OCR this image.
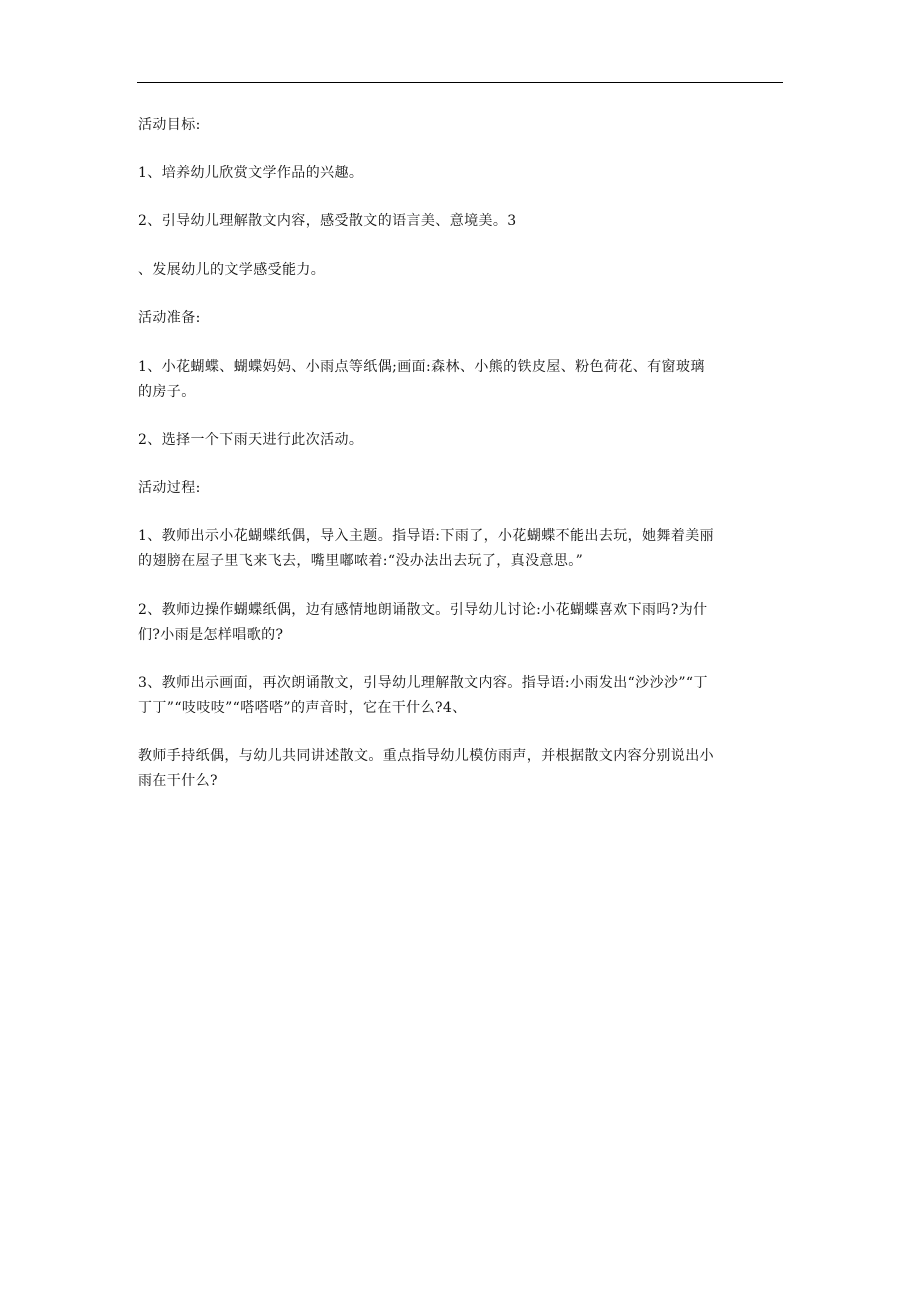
活动目标:
1、培养幼儿欣赏文学作品的兴趣。
2、引导幼儿理解散文内容，感受散文的语言美、意境美。3
、发展幼儿的文学感受能力。
活动准备:
1、小花蝴蝶、蝴蝶妈妈、小雨点等纸偶;画面:森林、小熊的铁皮屋、粉色荷花、有窗玻璃
的房子。
2、选择一个下雨天进行此次活动。
活动过程:
1、教师出示小花蝴蝶纸偶，导入主题。指导语:下雨了，小花蝴蝶不能出去玩，她舞着美丽
的翅膀在屋子里飞来飞去，嘴里嘟哝着:“没办法出去玩了，真没意思。”
2、教师边操作蝴蝶纸偶，边有感情地朗诵散文。引导幼儿讨论:小花蝴蝶喜欢下雨吗?为什
们?小雨是怎样唱歌的?
3、教师出示画面，再次朗诵散文，引导幼儿理解散文内容。指导语:小雨发出“沙沙沙”“丁
丁丁”“吱吱吱”“嗒嗒嗒”的声音时，它在干什么?4、
教师手持纸偶，与幼儿共同讲述散文。重点指导幼儿模仿雨声，并根据散文内容分别说出小
雨在干什么?
